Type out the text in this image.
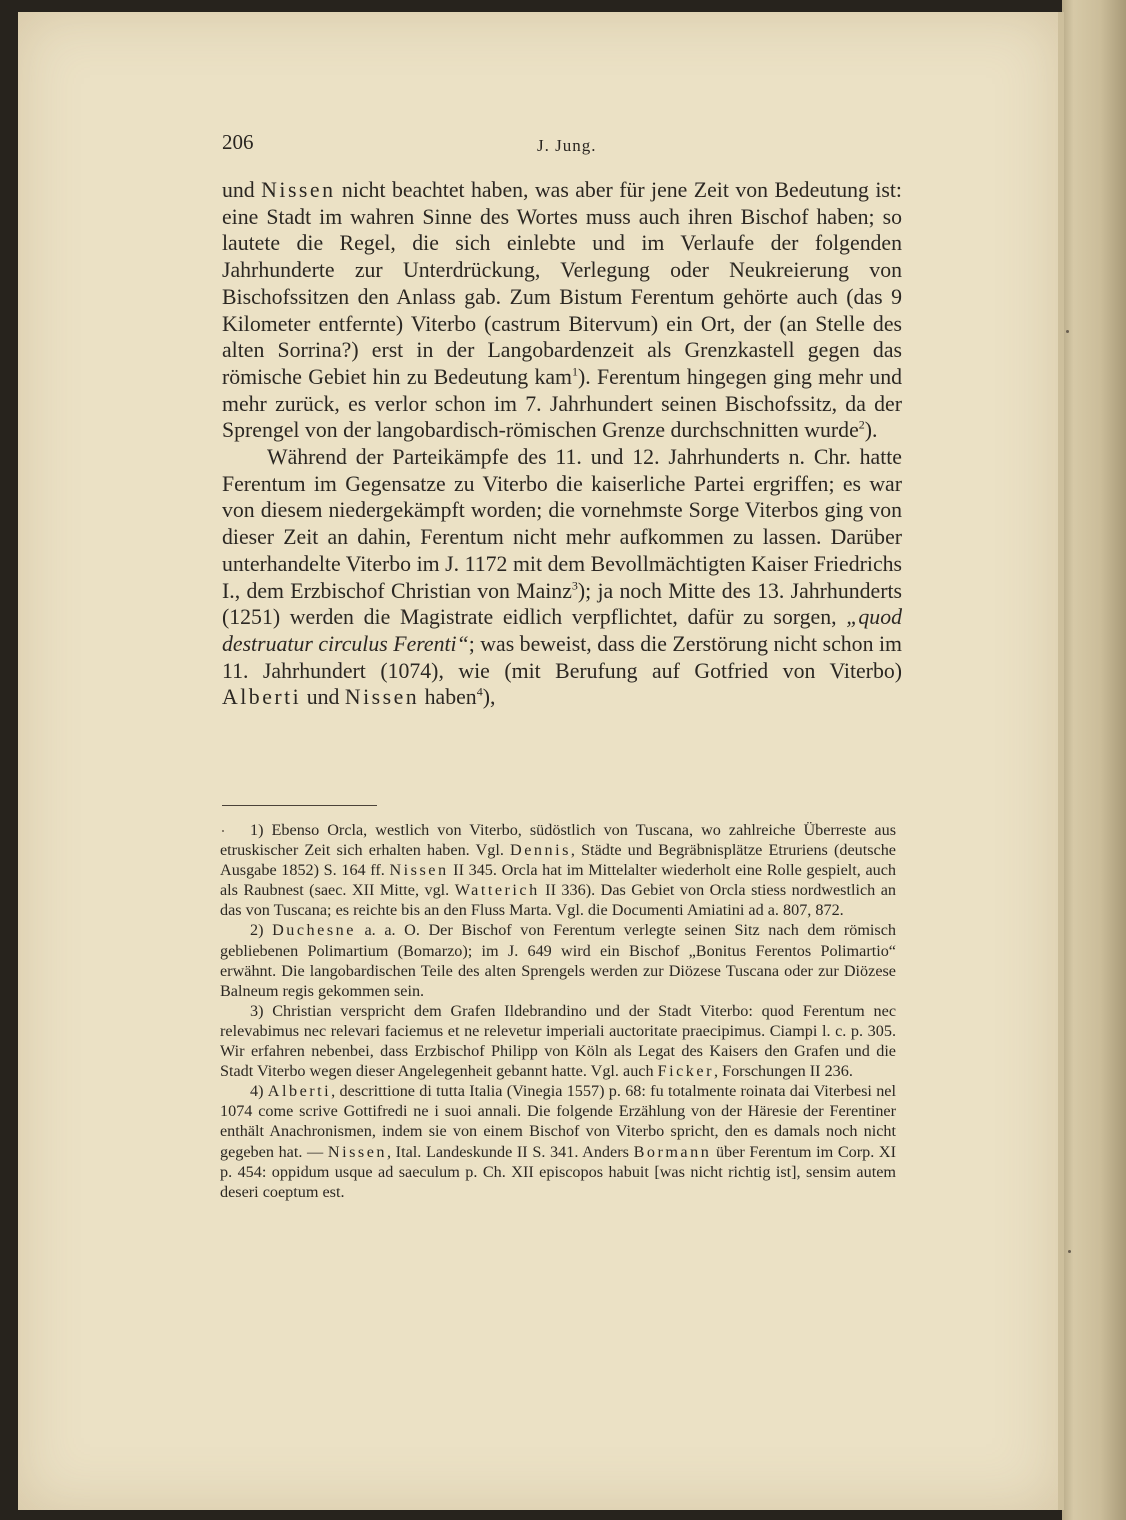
206	J. Jung.

und Nissen nicht beachtet haben, was aber für jene Zeit von Bedeutung ist: eine Stadt im wahren Sinne des Wortes muss auch ihren Bischof haben; so lautete die Regel, die sich einlebte und im Verlaufe der folgenden Jahrhunderte zur Unterdrückung, Verlegung oder Neukreierung von Bischofssitzen den Anlass gab. Zum Bistum Ferentum gehörte auch (das 9 Kilometer entfernte) Viterbo (castrum Bitervum) ein Ort, der (an Stelle des alten Sorrina?) erst in der Langobardenzeit als Grenzkastell gegen das römische Gebiet hin zu Bedeutung kam$^1$). Ferentum hingegen ging mehr und mehr zurück, es verlor schon im 7. Jahrhundert seinen Bischofssitz, da der Sprengel von der langobardisch-römischen Grenze durchschnitten wurde$^2$).

Während der Parteikämpfe des 11. und 12. Jahrhunderts n. Chr. hatte Ferentum im Gegensatze zu Viterbo die kaiserliche Partei ergriffen; es war von diesem niedergekämpft worden; die vornehmste Sorge Viterbos ging von dieser Zeit an dahin, Ferentum nicht mehr aufkommen zu lassen. Darüber unterhandelte Viterbo im J. 1172 mit dem Bevollmächtigten Kaiser Friedrichs I., dem Erzbischof Christian von Mainz$^3$); ja noch Mitte des 13. Jahrhunderts (1251) werden die Magistrate eidlich verpflichtet, dafür zu sorgen, „quod destruatur circulus Ferenti“; was beweist, dass die Zerstörung nicht schon im 11. Jahrhundert (1074), wie (mit Berufung auf Gotfried von Viterbo) Alberti und Nissen haben$^4$),

1) Ebenso Orcla, westlich von Viterbo, südöstlich von Tuscana, wo zahlreiche Überreste aus etruskischer Zeit sich erhalten haben. Vgl. Dennis, Städte und Begräbnisplätze Etruriens (deutsche Ausgabe 1852) S. 164 ff. Nissen II 345. Orcla hat im Mittelalter wiederholt eine Rolle gespielt, auch als Raubnest (saec. XII Mitte, vgl. Watterich II 336). Das Gebiet von Orcla stiess nordwestlich an das von Tuscana; es reichte bis an den Fluss Marta. Vgl. die Documenti Amiatini ad a. 807, 872.

2) Duchesne a. a. O. Der Bischof von Ferentum verlegte seinen Sitz nach dem römisch gebliebenen Polimartium (Bomarzo); im J. 649 wird ein Bischof „Bonitus Ferentos Polimartio“ erwähnt. Die langobardischen Teile des alten Sprengels werden zur Diözese Tuscana oder zur Diözese Balneum regis gekommen sein.

3) Christian verspricht dem Grafen Ildebrandino und der Stadt Viterbo: quod Ferentum nec relevabimus nec relevari faciemus et ne relevetur imperiali auctoritate praecipimus. Ciampi l. c. p. 305. Wir erfahren nebenbei, dass Erzbischof Philipp von Köln als Legat des Kaisers den Grafen und die Stadt Viterbo wegen dieser Angelegenheit gebannt hatte. Vgl. auch Ficker, Forschungen II 236.

4) Alberti, descrittione di tutta Italia (Vinegia 1557) p. 68: fu totalmente roinata dai Viterbesi nel 1074 come scrive Gottifredi ne i suoi annali. Die folgende Erzählung von der Häresie der Ferentiner enthält Anachronismen, indem sie von einem Bischof von Viterbo spricht, den es damals noch nicht gegeben hat. — Nissen, Ital. Landeskunde II S. 341. Anders Bormann über Ferentum im Corp. XI p. 454: oppidum usque ad saeculum p. Ch. XII episcopos habuit [was nicht richtig ist], sensim autem deseri coeptum est.
